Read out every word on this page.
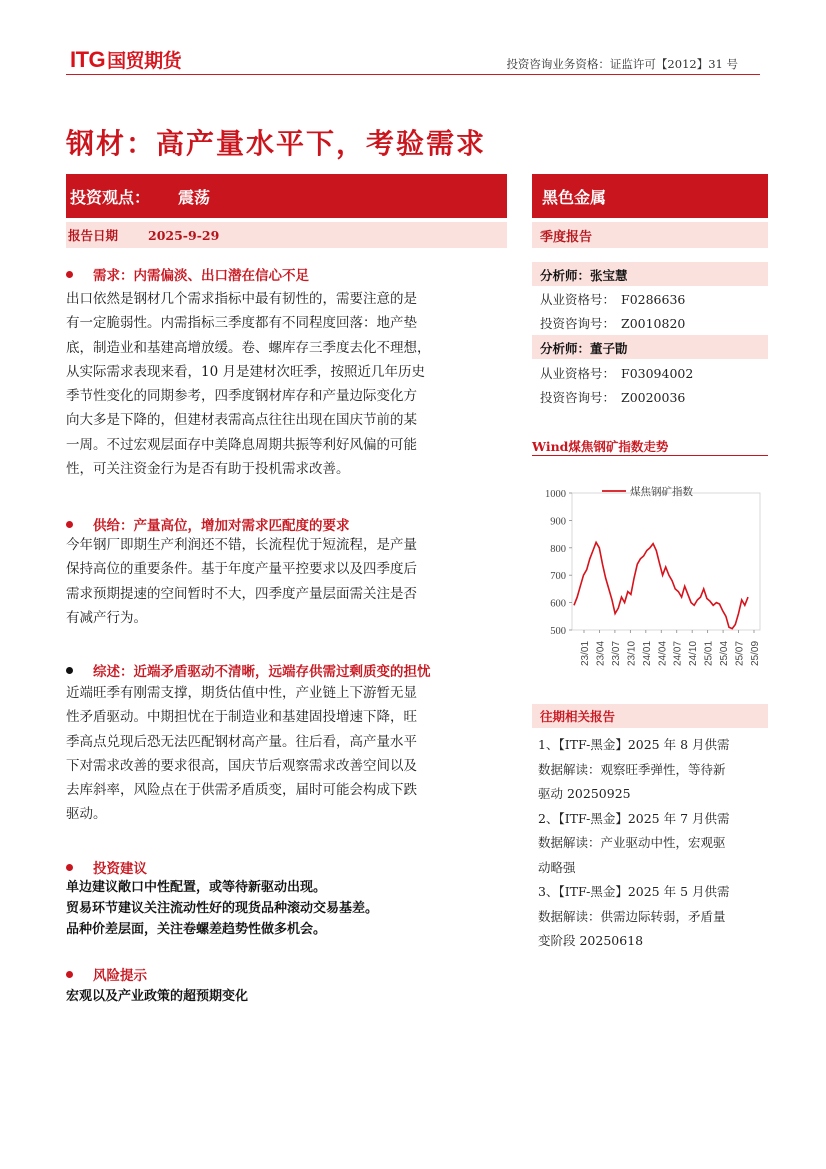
ITG 国贸期货	投资咨询业务资格：证监许可【2012】31 号
钢材：高产量水平下，考验需求
投资观点： 震荡	黑色金属
报告日期 2025-9-29	季度报告
需求：内需偏淡、出口潜在信心不足
出口依然是钢材几个需求指标中最有韧性的，需要注意的是
有一定脆弱性。内需指标三季度都有不同程度回落：地产垫
底，制造业和基建高增放缓。卷、螺库存三季度去化不理想，
从实际需求表现来看，10 月是建材次旺季，按照近几年历史
季节性变化的同期参考，四季度钢材库存和产量边际变化方
向大多是下降的，但建材表需高点往往出现在国庆节前的某
一周。不过宏观层面存中美降息周期共振等利好风偏的可能
性，可关注资金行为是否有助于投机需求改善。
供给：产量高位，增加对需求匹配度的要求
今年钢厂即期生产利润还不错，长流程优于短流程，是产量
保持高位的重要条件。基于年度产量平控要求以及四季度后
需求预期提速的空间暂时不大，四季度产量层面需关注是否
有减产行为。
综述：近端矛盾驱动不清晰，远端存供需过剩质变的担忧
近端旺季有刚需支撑，期货估值中性，产业链上下游暂无显
性矛盾驱动。中期担忧在于制造业和基建固投增速下降，旺
季高点兑现后恐无法匹配钢材高产量。往后看，高产量水平
下对需求改善的要求很高，国庆节后观察需求改善空间以及
去库斜率，风险点在于供需矛盾质变，届时可能会构成下跌
驱动。
投资建议
单边建议敞口中性配置，或等待新驱动出现。
贸易环节建议关注流动性好的现货品种滚动交易基差。
品种价差层面，关注卷螺差趋势性做多机会。
风险提示
宏观以及产业政策的超预期变化
分析师：张宝慧
从业资格号： F0286636
投资咨询号： Z0010820
分析师：董子勖
从业资格号： F03094002
投资咨询号： Z0020036
Wind煤焦钢矿指数走势
1000
900
800
700
600
500
23/01 23/04 23/07 23/10 24/01 24/04 24/07 24/10 25/01 25/04 25/07 25/09
煤焦钢矿指数
往期相关报告
1、【ITF-黑金】2025 年 8 月供需
数据解读：观察旺季弹性，等待新
驱动 20250925
2、【ITF-黑金】2025 年 7 月供需
数据解读：产业驱动中性，宏观驱
动略强
3、【ITF-黑金】2025 年 5 月供需
数据解读：供需边际转弱，矛盾量
变阶段 20250618
